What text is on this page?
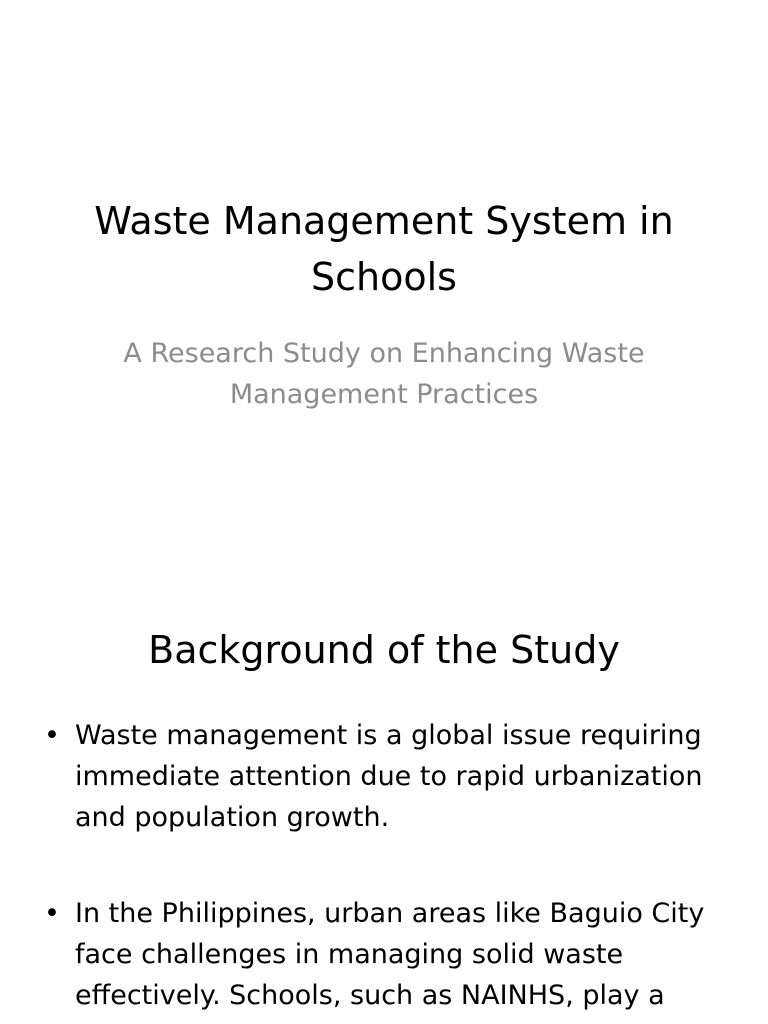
Waste Management System in Schools

A Research Study on Enhancing Waste Management Practices

Background of the Study
• Waste management is a global issue requiring immediate attention due to rapid urbanization and population growth.
• In the Philippines, urban areas like Baguio City face challenges in managing solid waste effectively. Schools, such as NAINHS, play a
